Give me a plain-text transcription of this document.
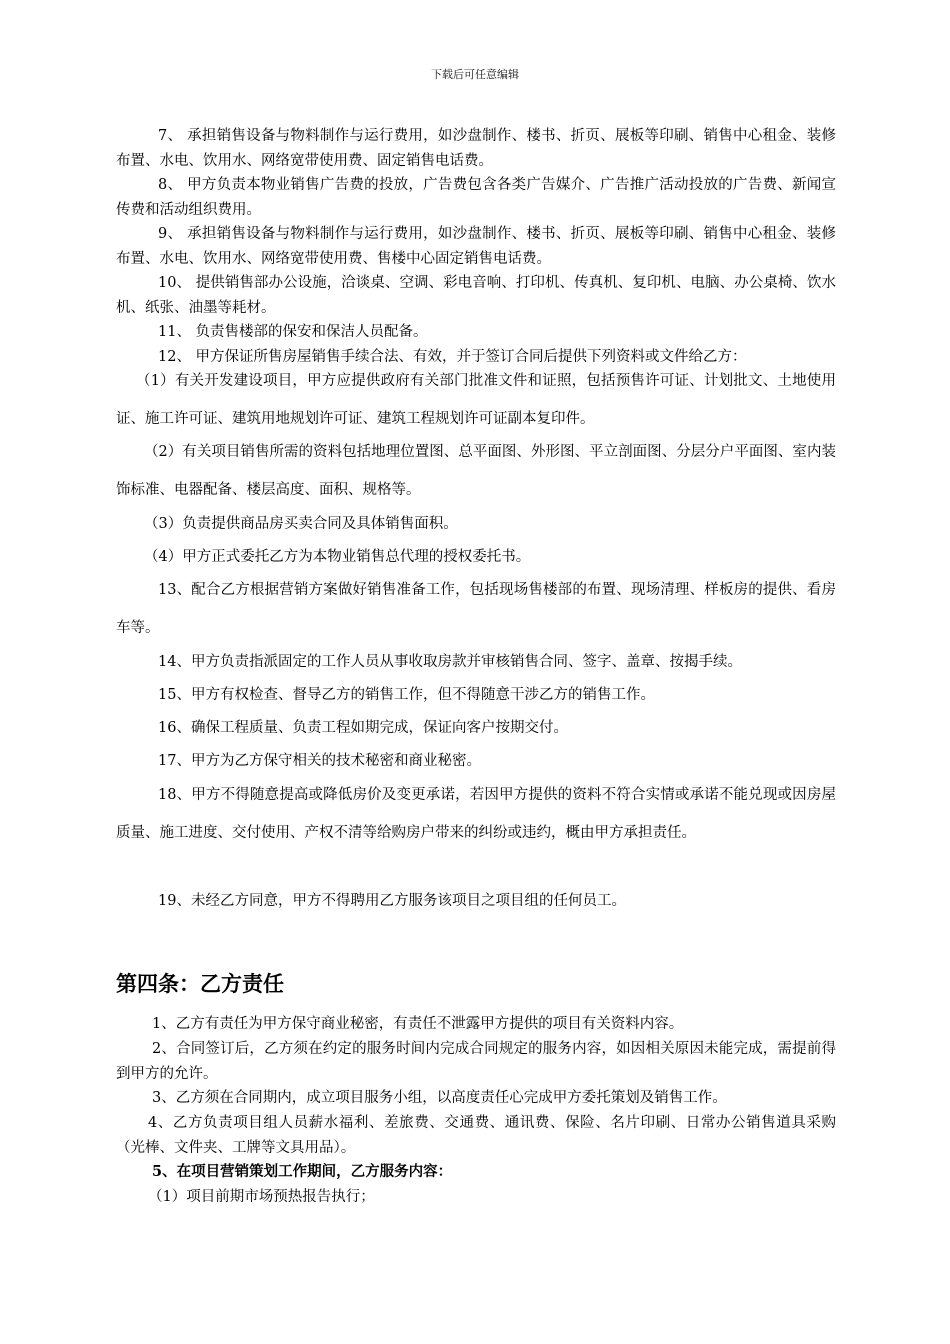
下载后可任意编辑

7、 承担销售设备与物料制作与运行费用，如沙盘制作、楼书、折页、展板等印刷、销售中心租金、装修布置、水电、饮用水、网络宽带使用费、固定销售电话费。

8、 甲方负责本物业销售广告费的投放，广告费包含各类广告媒介、广告推广活动投放的广告费、新闻宣传费和活动组织费用。

9、 承担销售设备与物料制作与运行费用，如沙盘制作、楼书、折页、展板等印刷、销售中心租金、装修布置、水电、饮用水、网络宽带使用费、售楼中心固定销售电话费。

10、 提供销售部办公设施，洽谈桌、空调、彩电音响、打印机、传真机、复印机、电脑、办公桌椅、饮水机、纸张、油墨等耗材。

11、 负责售楼部的保安和保洁人员配备。

12、 甲方保证所售房屋销售手续合法、有效，并于签订合同后提供下列资料或文件给乙方：

（1）有关开发建设项目，甲方应提供政府有关部门批准文件和证照，包括预售许可证、计划批文、土地使用证、施工许可证、建筑用地规划许可证、建筑工程规划许可证副本复印件。

（2）有关项目销售所需的资料包括地理位置图、总平面图、外形图、平立剖面图、分层分户平面图、室内装饰标准、电器配备、楼层高度、面积、规格等。

（3）负责提供商品房买卖合同及具体销售面积。

（4）甲方正式委托乙方为本物业销售总代理的授权委托书。

13、配合乙方根据营销方案做好销售准备工作，包括现场售楼部的布置、现场清理、样板房的提供、看房车等。

14、甲方负责指派固定的工作人员从事收取房款并审核销售合同、签字、盖章、按揭手续。

15、甲方有权检查、督导乙方的销售工作，但不得随意干涉乙方的销售工作。

16、确保工程质量、负责工程如期完成，保证向客户按期交付。

17、甲方为乙方保守相关的技术秘密和商业秘密。

18、甲方不得随意提高或降低房价及变更承诺，若因甲方提供的资料不符合实情或承诺不能兑现或因房屋质量、施工进度、交付使用、产权不清等给购房户带来的纠纷或违约，概由甲方承担责任。

19、未经乙方同意，甲方不得聘用乙方服务该项目之项目组的任何员工。

第四条：乙方责任

1、乙方有责任为甲方保守商业秘密，有责任不泄露甲方提供的项目有关资料内容。

2、合同签订后，乙方须在约定的服务时间内完成合同规定的服务内容，如因相关原因未能完成，需提前得到甲方的允许。

3、乙方须在合同期内，成立项目服务小组，以高度责任心完成甲方委托策划及销售工作。

4、乙方负责项目组人员薪水福利、差旅费、交通费、通讯费、保险、名片印刷、日常办公销售道具采购（光棒、文件夹、工牌等文具用品）。

5、在项目营销策划工作期间，乙方服务内容：

（1）项目前期市场预热报告执行；
